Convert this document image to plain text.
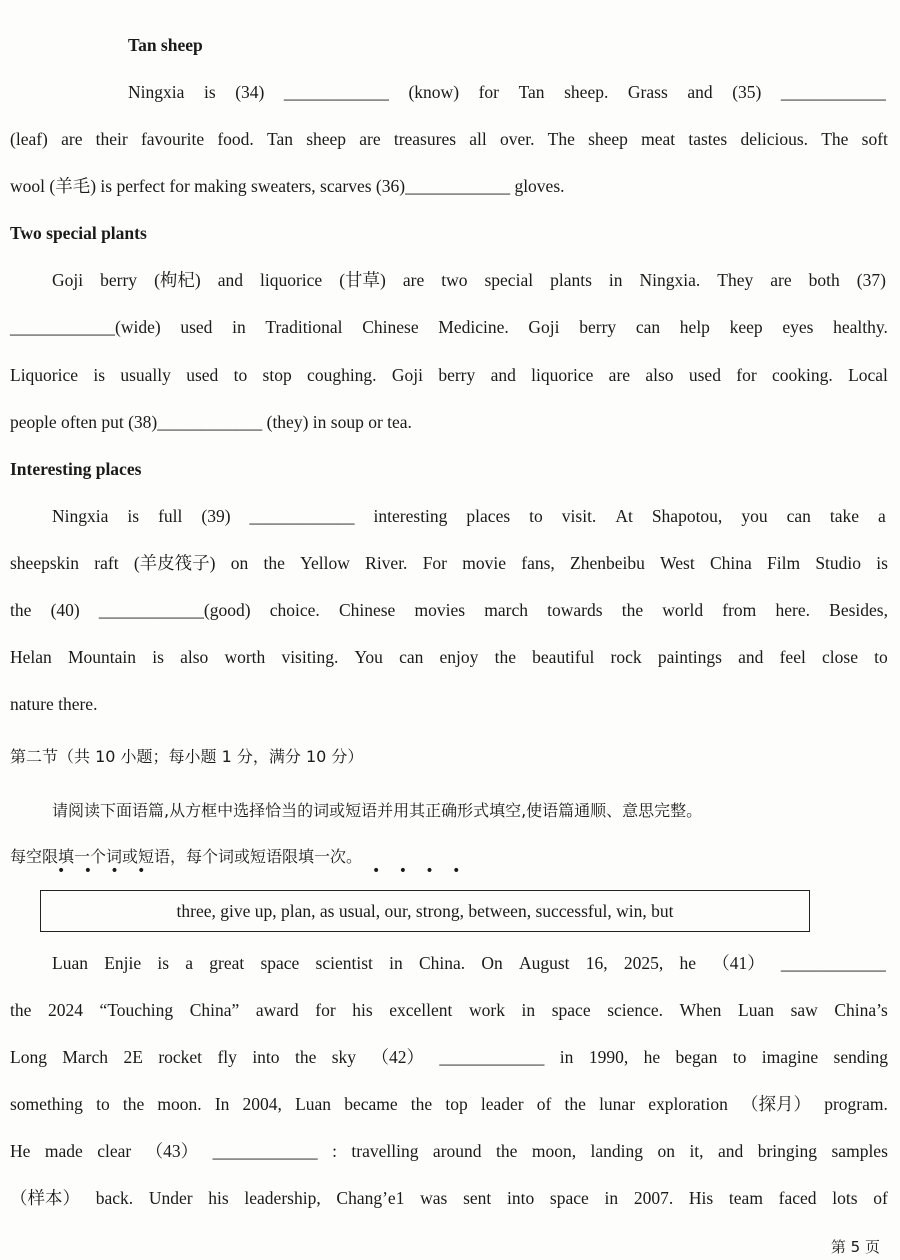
Tan sheep
Ningxia is (34) ____________ (know) for Tan sheep. Grass and (35) ____________
(leaf) are their favourite food. Tan sheep are treasures all over. The sheep meat tastes delicious. The soft
wool (羊毛) is perfect for making sweaters, scarves (36)____________ gloves.
Two special plants
Goji berry (枸杞) and liquorice (甘草) are two special plants in Ningxia. They are both (37)
____________(wide) used in Traditional Chinese Medicine. Goji berry can help keep eyes healthy.
Liquorice is usually used to stop coughing. Goji berry and liquorice are also used for cooking. Local
people often put (38)____________ (they) in soup or tea.
Interesting places
Ningxia is full (39) ____________ interesting places to visit. At Shapotou, you can take a
sheepskin raft (羊皮筏子) on the Yellow River. For movie fans, Zhenbeibu West China Film Studio is
the (40) ____________(good) choice. Chinese movies march towards the world from here. Besides,
Helan Mountain is also worth visiting. You can enjoy the beautiful rock paintings and feel close to
nature there.
第二节（共 10 小题；每小题 1 分，满分 10 分）
请阅读下面语篇,从方框中选择恰当的词或短语并用其正确形式填空,使语篇通顺、意思完整。
每空限填一个词或短语，每个词或短语限填一次。
• • • •	• • • •
three, give up, plan, as usual, our, strong, between, successful, win, but
Luan Enjie is a great space scientist in China. On August 16, 2025, he （41） ____________
the 2024 “Touching China” award for his excellent work in space science. When Luan saw China’s
Long March 2E rocket fly into the sky （42） ____________ in 1990, he began to imagine sending
something to the moon. In 2004, Luan became the top leader of the lunar exploration （探月） program.
He made clear （43） ____________ : travelling around the moon, landing on it, and bringing samples
（样本） back. Under his leadership, Chang’e1 was sent into space in 2007. His team faced lots of
第 5 页
